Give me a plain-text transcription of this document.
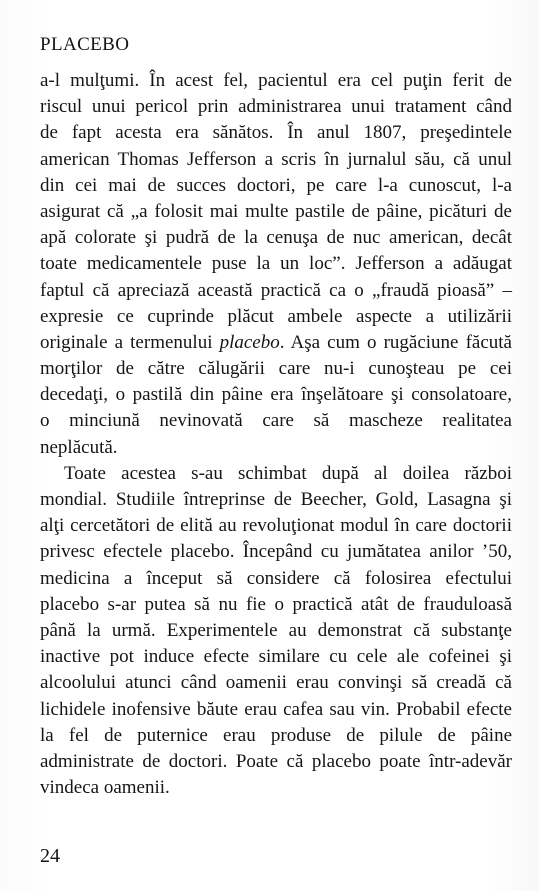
PLACEBO

a-l mulţumi. În acest fel, pacientul era cel puţin ferit de
riscul unui pericol prin administrarea unui tratament când
de fapt acesta era sănătos. În anul 1807, preşedintele
american Thomas Jefferson a scris în jurnalul său, că unul
din cei mai de succes doctori, pe care l-a cunoscut, l-a
asigurat că „a folosit mai multe pastile de pâine, picături de
apă colorate şi pudră de la cenuşa de nuc american, decât
toate medicamentele puse la un loc”. Jefferson a adăugat
faptul că apreciază această practică ca o „fraudă pioasă” –
expresie ce cuprinde plăcut ambele aspecte a utilizării
originale a termenului placebo. Aşa cum o rugăciune făcută
morţilor de către călugării care nu-i cunoşteau pe cei
decedaţi, o pastilă din pâine era înşelătoare şi consolatoare,
o minciună nevinovată care să mascheze realitatea
neplăcută.

Toate acestea s-au schimbat după al doilea război
mondial. Studiile întreprinse de Beecher, Gold, Lasagna şi
alţi cercetători de elită au revoluţionat modul în care doctorii
privesc efectele placebo. Începând cu jumătatea anilor ’50,
medicina a început să considere că folosirea efectului
placebo s-ar putea să nu fie o practică atât de frauduloasă
până la urmă. Experimentele au demonstrat că substanţe
inactive pot induce efecte similare cu cele ale cofeinei şi
alcoolului atunci când oamenii erau convinşi să creadă că
lichidele inofensive băute erau cafea sau vin. Probabil efecte
la fel de puternice erau produse de pilule de pâine
administrate de doctori. Poate că placebo poate într-adevăr
vindeca oamenii.

24
